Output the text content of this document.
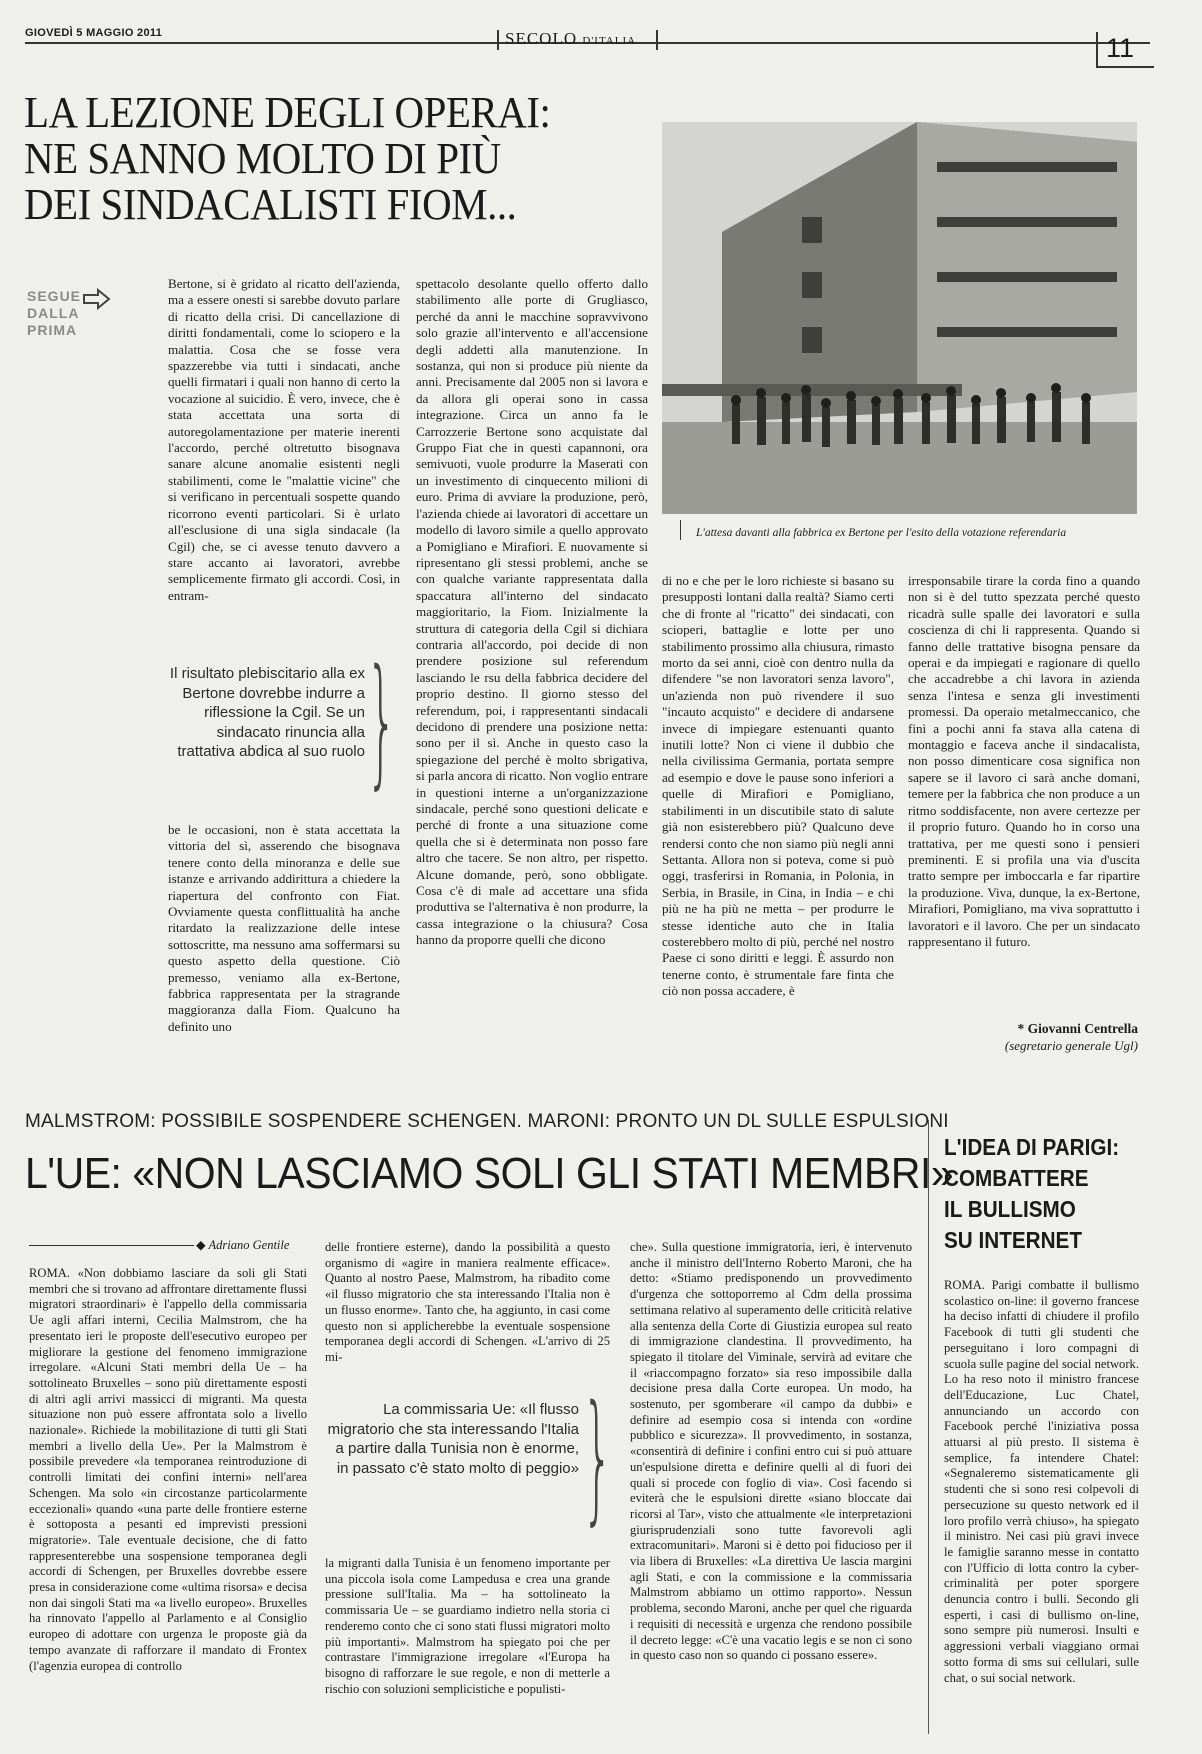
GIOVEDÌ 5 MAGGIO 2011	SECOLO D'ITALIA	11
LA LEZIONE DEGLI OPERAI:
NE SANNO MOLTO DI PIÙ
DEI SINDACALISTI FIOM...
SEGUE DALLA PRIMA
L'attesa davanti alla fabbrica ex Bertone per l'esito della votazione referendaria
Bertone, si è gridato al ricatto dell'azienda, ma a essere onesti si sarebbe dovuto parlare di ricatto della crisi. Di cancellazione di diritti fondamentali, come lo sciopero e la malattia. Cosa che se fosse vera spazzerebbe via tutti i sindacati, anche quelli firmatari i quali non hanno di certo la vocazione al suicidio. È vero, invece, che è stata accettata una sorta di autoregolamentazione per materie inerenti l'accordo, perché oltretutto bisognava sanare alcune anomalie esistenti negli stabilimenti, come le "malattie vicine" che si verificano in percentuali sospette quando ricorrono eventi particolari. Si è urlato all'esclusione di una sigla sindacale (la Cgil) che, se ci avesse tenuto davvero a stare accanto ai lavoratori, avrebbe semplicemente firmato gli accordi. Così, in entram-
Il risultato plebiscitario alla ex Bertone dovrebbe indurre a riflessione la Cgil. Se un sindacato rinuncia alla trattativa abdica al suo ruolo }
be le occasioni, non è stata accettata la vittoria del sì, asserendo che bisognava tenere conto della minoranza e delle sue istanze e arrivando addirittura a chiedere la riapertura del confronto con Fiat. Ovviamente questa conflittualità ha anche ritardato la realizzazione delle intese sottoscritte, ma nessuno ama soffermarsi su questo aspetto della questione. Ciò premesso, veniamo alla ex-Bertone, fabbrica rappresentata per la stragrande maggioranza dalla Fiom. Qualcuno ha definito uno
spettacolo desolante quello offerto dallo stabilimento alle porte di Grugliasco, perché da anni le macchine sopravvivono solo grazie all'intervento e all'accensione degli addetti alla manutenzione. In sostanza, qui non si produce più niente da anni. Precisamente dal 2005 non si lavora e da allora gli operai sono in cassa integrazione. Circa un anno fa le Carrozzerie Bertone sono acquistate dal Gruppo Fiat che in questi capannoni, ora semivuoti, vuole produrre la Maserati con un investimento di cinquecento milioni di euro. Prima di avviare la produzione, però, l'azienda chiede ai lavoratori di accettare un modello di lavoro simile a quello approvato a Pomigliano e Mirafiori. E nuovamente si ripresentano gli stessi problemi, anche se con qualche variante rappresentata dalla spaccatura all'interno del sindacato maggioritario, la Fiom. Inizialmente la struttura di categoria della Cgil si dichiara contraria all'accordo, poi decide di non prendere posizione sul referendum lasciando le rsu della fabbrica decidere del proprio destino. Il giorno stesso del referendum, poi, i rappresentanti sindacali decidono di prendere una posizione netta: sono per il sì. Anche in questo caso la spiegazione del perché è molto sbrigativa, si parla ancora di ricatto. Non voglio entrare in questioni interne a un'organizzazione sindacale, perché sono questioni delicate e perché di fronte a una situazione come quella che si è determinata non posso fare altro che tacere. Se non altro, per rispetto. Alcune domande, però, sono obbligate. Cosa c'è di male ad accettare una sfida produttiva se l'alternativa è non produrre, la cassa integrazione o la chiusura? Cosa hanno da proporre quelli che dicono
di no e che per le loro richieste si basano su presupposti lontani dalla realtà? Siamo certi che di fronte al "ricatto" dei sindacati, con scioperi, battaglie e lotte per uno stabilimento prossimo alla chiusura, rimasto morto da sei anni, cioè con dentro nulla da difendere "se non lavoratori senza lavoro", un'azienda non può rivendere il suo "incauto acquisto" e decidere di andarsene invece di impiegare estenuanti quanto inutili lotte? Non ci viene il dubbio che nella civilissima Germania, portata sempre ad esempio e dove le pause sono inferiori a quelle di Mirafiori e Pomigliano, stabilimenti in un discutibile stato di salute già non esisterebbero più? Qualcuno deve rendersi conto che non siamo più negli anni Settanta. Allora non si poteva, come si può oggi, trasferirsi in Romania, in Polonia, in Serbia, in Brasile, in Cina, in India – e chi più ne ha più ne metta – per produrre le stesse identiche auto che in Italia costerebbero molto di più, perché nel nostro Paese ci sono diritti e leggi. È assurdo non tenerne conto, è strumentale fare finta che ciò non possa accadere, è
irresponsabile tirare la corda fino a quando non si è del tutto spezzata perché questo ricadrà sulle spalle dei lavoratori e sulla coscienza di chi li rappresenta. Quando si fanno delle trattative bisogna pensare da operai e da impiegati e ragionare di quello che accadrebbe a chi lavora in azienda senza l'intesa e senza gli investimenti promessi. Da operaio metalmeccanico, che finì a pochi anni fa stava alla catena di montaggio e faceva anche il sindacalista, non posso dimenticare cosa significa non sapere se il lavoro ci sarà anche domani, temere per la fabbrica che non produce a un ritmo soddisfacente, non avere certezze per il proprio futuro. Quando ho in corso una trattativa, per me questi sono i pensieri preminenti. E si profila una via d'uscita tratto sempre per imboccarla e far ripartire la produzione. Viva, dunque, la ex-Bertone, Mirafiori, Pomigliano, ma viva soprattutto i lavoratori e il lavoro. Che per un sindacato rappresentano il futuro.
* Giovanni Centrella
(segretario generale Ugl)
MALMSTROM: POSSIBILE SOSPENDERE SCHENGEN. MARONI: PRONTO UN DL SULLE ESPULSIONI
L'UE: «NON LASCIAMO SOLI GLI STATI MEMBRI»
◆ Adriano Gentile
ROMA. «Non dobbiamo lasciare da soli gli Stati membri che si trovano ad affrontare direttamente flussi migratori straordinari» è l'appello della commissaria Ue agli affari interni, Cecilia Malmstrom, che ha presentato ieri le proposte dell'esecutivo europeo per migliorare la gestione del fenomeno immigrazione irregolare. «Alcuni Stati membri della Ue – ha sottolineato Bruxelles – sono più direttamente esposti di altri agli arrivi massicci di migranti. Ma questa situazione non può essere affrontata solo a livello nazionale». Richiede la mobilitazione di tutti gli Stati membri a livello della Ue». Per la Malmstrom è possibile prevedere «la temporanea reintroduzione di controlli limitati dei confini interni» nell'area Schengen. Ma solo «in circostanze particolarmente eccezionali» quando «una parte delle frontiere esterne è sottoposta a pesanti ed imprevisti pressioni migratorie». Tale eventuale decisione, che di fatto rappresenterebbe una sospensione temporanea degli accordi di Schengen, per Bruxelles dovrebbe essere presa in considerazione come «ultima risorsa» e decisa non dai singoli Stati ma «a livello europeo». Bruxelles ha rinnovato l'appello al Parlamento e al Consiglio europeo di adottare con urgenza le proposte già da tempo avanzate di rafforzare il mandato di Frontex (l'agenzia europea di controllo
delle frontiere esterne), dando la possibilità a questo organismo di «agire in maniera realmente efficace». Quanto al nostro Paese, Malmstrom, ha ribadito come «il flusso migratorio che sta interessando l'Italia non è un flusso enorme». Tanto che, ha aggiunto, in casi come questo non si applicherebbe la eventuale sospensione temporanea degli accordi di Schengen. «L'arrivo di 25 mi-
La commissaria Ue: «Il flusso migratorio che sta interessando l'Italia a partire dalla Tunisia non è enorme, in passato c'è stato molto di peggio» }
la migranti dalla Tunisia è un fenomeno importante per una piccola isola come Lampedusa e crea una grande pressione sull'Italia. Ma – ha sottolineato la commissaria Ue – se guardiamo indietro nella storia ci renderemo conto che ci sono stati flussi migratori molto più importanti». Malmstrom ha spiegato poi che per contrastare l'immigrazione irregolare «l'Europa ha bisogno di rafforzare le sue regole, e non di metterle a rischio con soluzioni semplicistiche e populisti-
che». Sulla questione immigratoria, ieri, è intervenuto anche il ministro dell'Interno Roberto Maroni, che ha detto: «Stiamo predisponendo un provvedimento d'urgenza che sottoporremo al Cdm della prossima settimana relativo al superamento delle criticità relative alla sentenza della Corte di Giustizia europea sul reato di immigrazione clandestina. Il provvedimento, ha spiegato il titolare del Viminale, servirà ad evitare che il «riaccompagno forzato» sia reso impossibile dalla decisione presa dalla Corte europea. Un modo, ha sostenuto, per sgomberare «il campo da dubbi» e definire ad esempio cosa si intenda con «ordine pubblico e sicurezza». Il provvedimento, in sostanza, «consentirà di definire i confini entro cui si può attuare un'espulsione diretta e definire quelli al di fuori dei quali si procede con foglio di via». Così facendo si eviterà che le espulsioni dirette «siano bloccate dai ricorsi al Tar», visto che attualmente «le interpretazioni giurisprudenziali sono tutte favorevoli agli extracomunitari». Maroni si è detto poi fiducioso per il via libera di Bruxelles: «La direttiva Ue lascia margini agli Stati, e con la commissione e la commissaria Malmstrom abbiamo un ottimo rapporto». Nessun problema, secondo Maroni, anche per quel che riguarda i requisiti di necessità e urgenza che rendono possibile il decreto legge: «C'è una vacatio legis e se non ci sono in questo caso non so quando ci possano essere».
L'IDEA DI PARIGI:
COMBATTERE
IL BULLISMO
SU INTERNET
ROMA. Parigi combatte il bullismo scolastico on-line: il governo francese ha deciso infatti di chiudere il profilo Facebook di tutti gli studenti che perseguitano i loro compagni di scuola sulle pagine del social network. Lo ha reso noto il ministro francese dell'Educazione, Luc Chatel, annunciando un accordo con Facebook perché l'iniziativa possa attuarsi al più presto. Il sistema è semplice, fa intendere Chatel: «Segnaleremo sistematicamente gli studenti che si sono resi colpevoli di persecuzione su questo network ed il loro profilo verrà chiuso», ha spiegato il ministro. Nei casi più gravi invece le famiglie saranno messe in contatto con l'Ufficio di lotta contro la cyber-criminalità per poter sporgere denuncia contro i bulli. Secondo gli esperti, i casi di bullismo on-line, sono sempre più numerosi. Insulti e aggressioni verbali viaggiano ormai sotto forma di sms sui cellulari, sulle chat, o sui social network.
